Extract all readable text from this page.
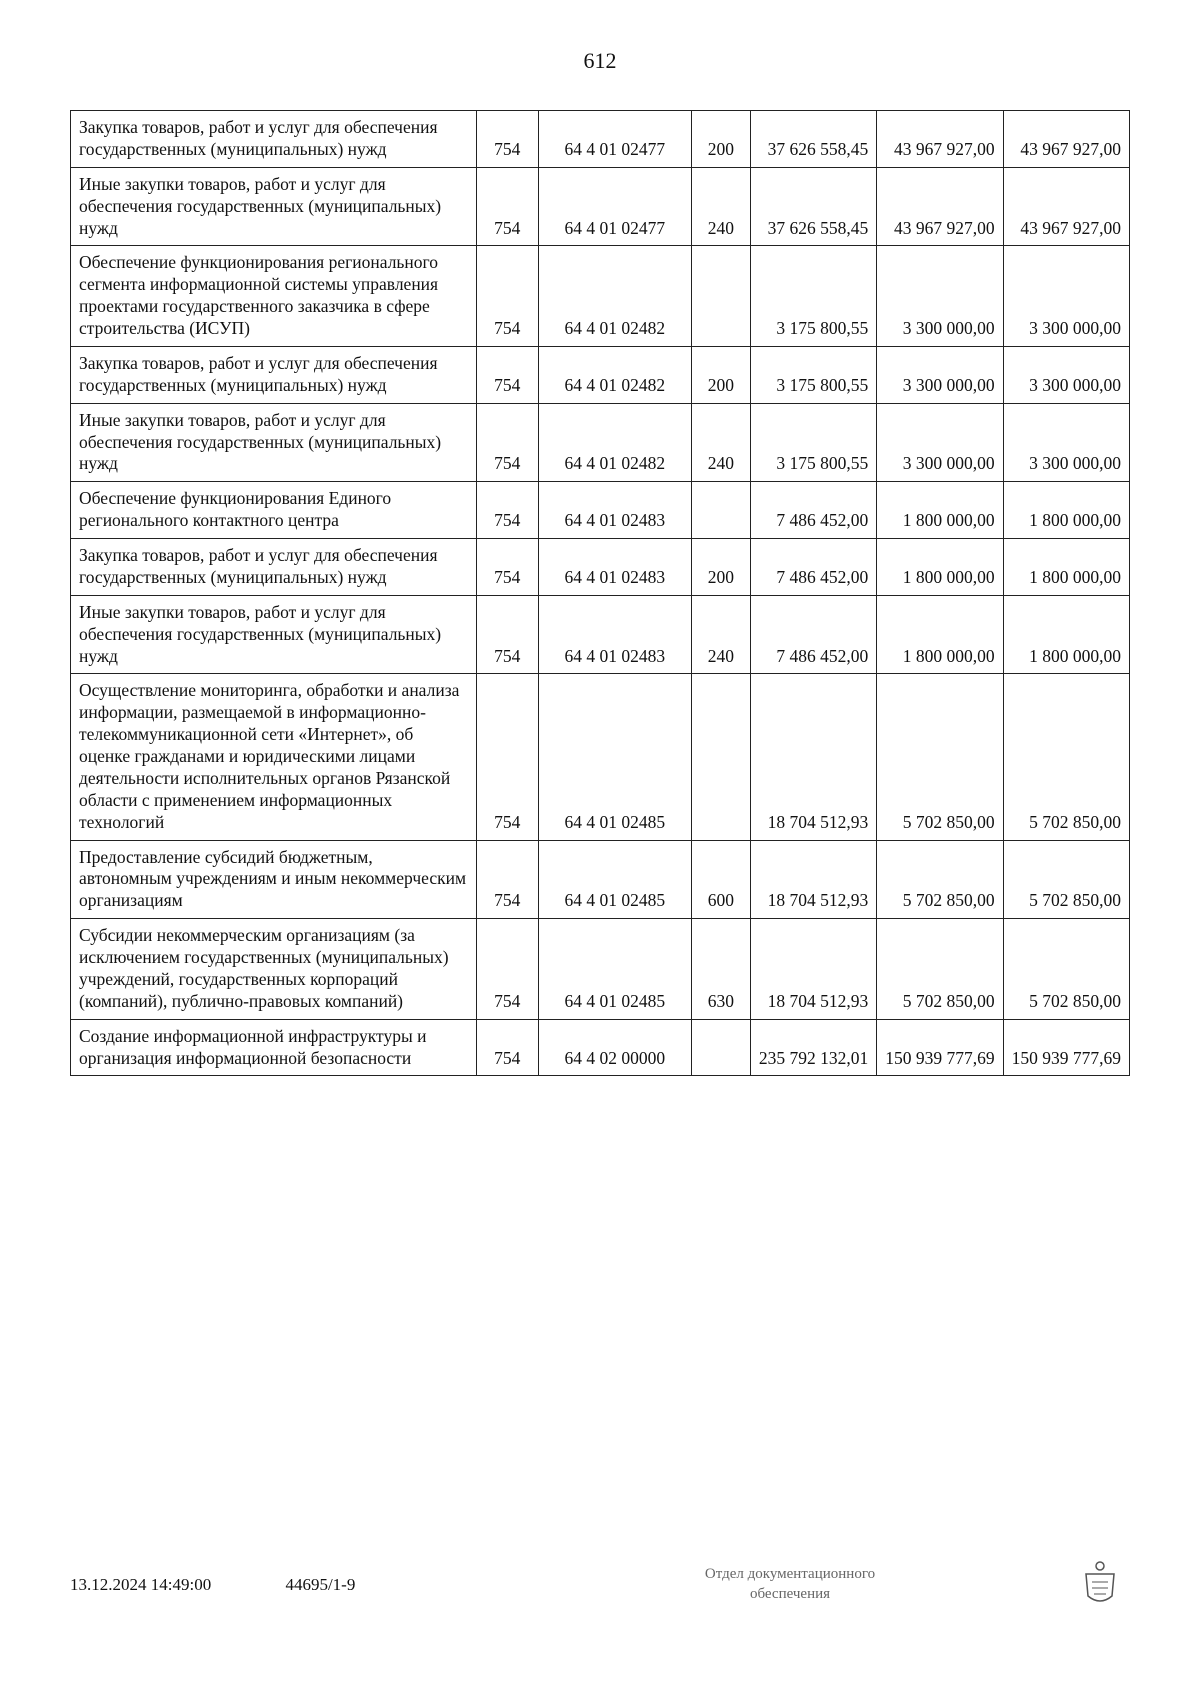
612
Закупка товаров, работ и услуг для обеспечения государственных (муниципальных) нужд	754	64 4 01 02477	200	37 626 558,45	43 967 927,00	43 967 927,00
Иные закупки товаров, работ и услуг для обеспечения государственных (муниципальных) нужд	754	64 4 01 02477	240	37 626 558,45	43 967 927,00	43 967 927,00
Обеспечение функционирования регионального сегмента информационной системы управления проектами государственного заказчика в сфере строительства (ИСУП)	754	64 4 01 02482		3 175 800,55	3 300 000,00	3 300 000,00
Закупка товаров, работ и услуг для обеспечения государственных (муниципальных) нужд	754	64 4 01 02482	200	3 175 800,55	3 300 000,00	3 300 000,00
Иные закупки товаров, работ и услуг для обеспечения государственных (муниципальных) нужд	754	64 4 01 02482	240	3 175 800,55	3 300 000,00	3 300 000,00
Обеспечение функционирования Единого регионального контактного центра	754	64 4 01 02483		7 486 452,00	1 800 000,00	1 800 000,00
Закупка товаров, работ и услуг для обеспечения государственных (муниципальных) нужд	754	64 4 01 02483	200	7 486 452,00	1 800 000,00	1 800 000,00
Иные закупки товаров, работ и услуг для обеспечения государственных (муниципальных) нужд	754	64 4 01 02483	240	7 486 452,00	1 800 000,00	1 800 000,00
Осуществление мониторинга, обработки и анализа информации, размещаемой в информационно-телекоммуникационной сети «Интернет», об оценке гражданами и юридическими лицами деятельности исполнительных органов Рязанской области с применением информационных технологий	754	64 4 01 02485		18 704 512,93	5 702 850,00	5 702 850,00
Предоставление субсидий бюджетным, автономным учреждениям и иным некоммерческим организациям	754	64 4 01 02485	600	18 704 512,93	5 702 850,00	5 702 850,00
Субсидии некоммерческим организациям (за исключением государственных (муниципальных) учреждений, государственных корпораций (компаний), публично-правовых компаний)	754	64 4 01 02485	630	18 704 512,93	5 702 850,00	5 702 850,00
Создание информационной инфраструктуры и организация информационной безопасности	754	64 4 02 00000		235 792 132,01	150 939 777,69	150 939 777,69
13.12.2024 14:49:00	44695/1-9
Отдел документационного
обеспечения
